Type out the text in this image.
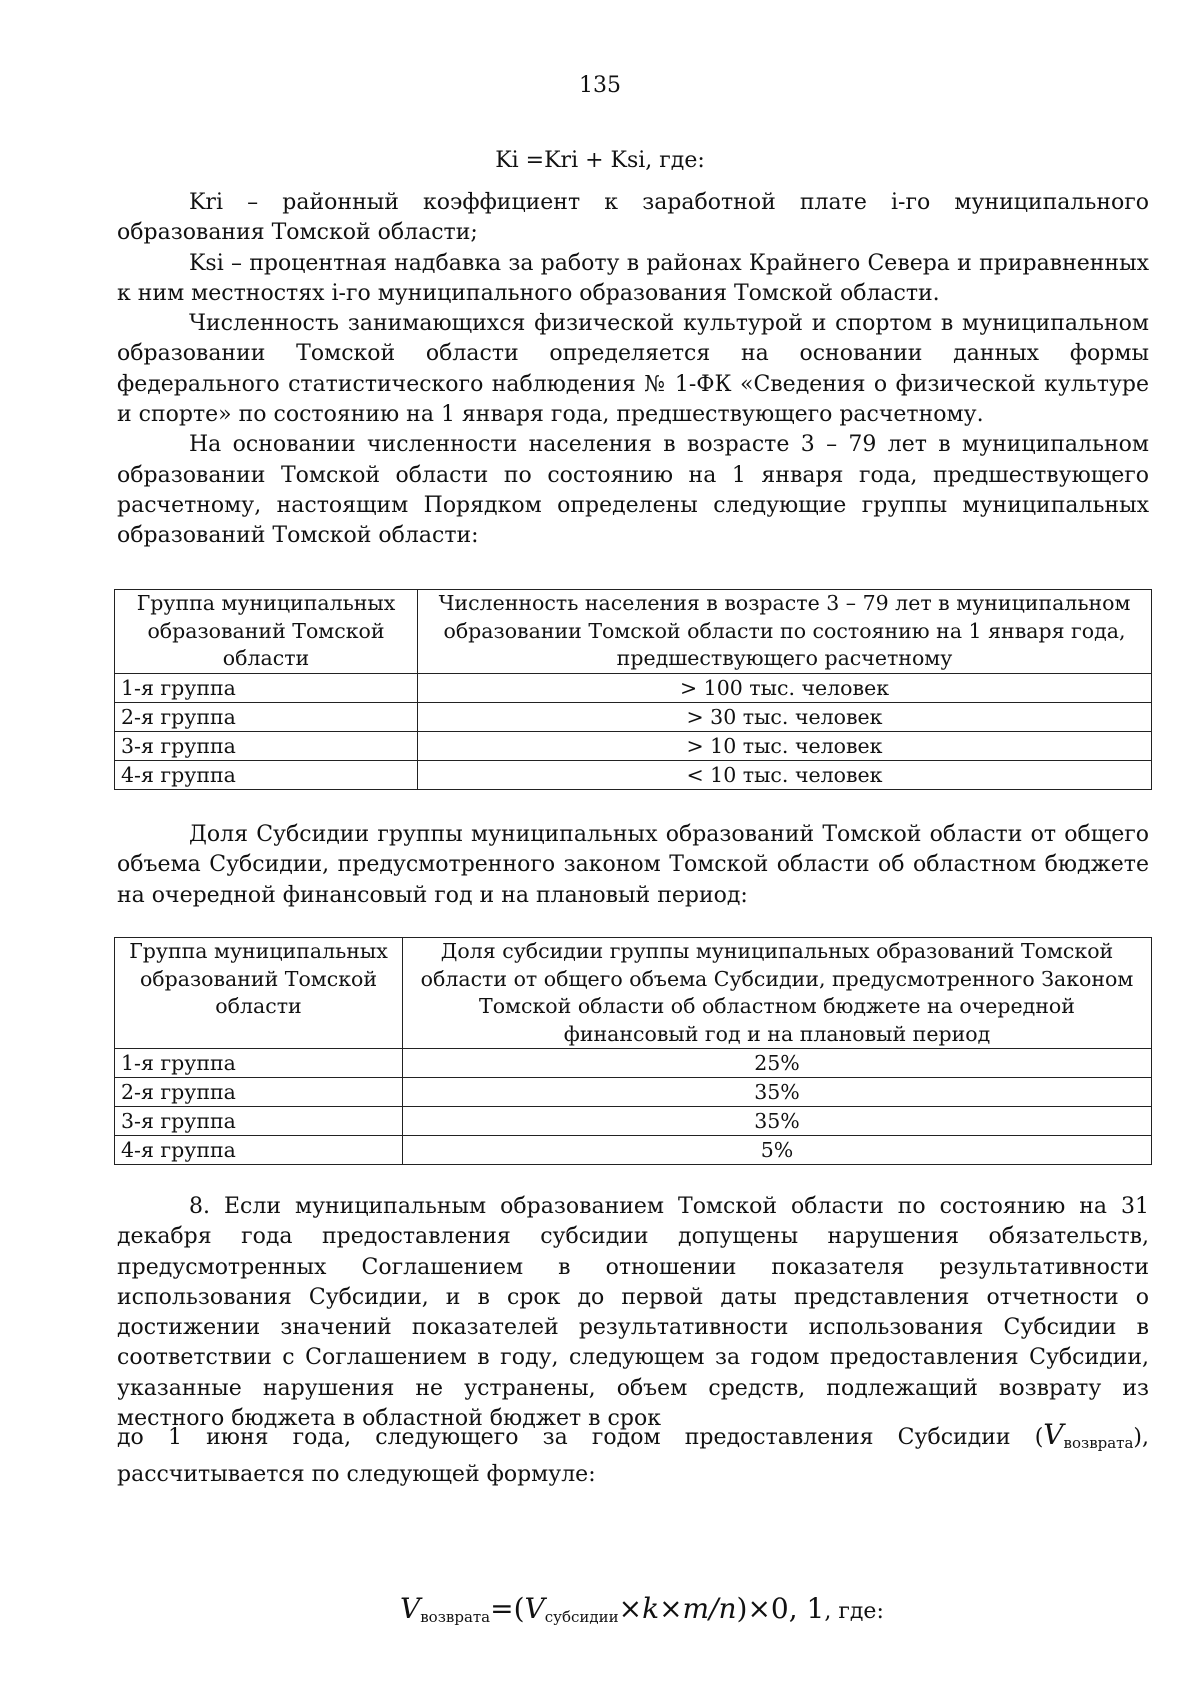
135
Ki =Kri + Ksi, где:
Kri – районный коэффициент к заработной плате i-го муниципального образования Томской области;
Ksi – процентная надбавка за работу в районах Крайнего Севера и приравненных к ним местностях i-го муниципального образования Томской области.
Численность занимающихся физической культурой и спортом в муниципальном образовании Томской области определяется на основании данных формы федерального статистического наблюдения № 1-ФК «Сведения о физической культуре и спорте» по состоянию на 1 января года, предшествующего расчетному.
На основании численности населения в возрасте 3 – 79 лет в муниципальном образовании Томской области по состоянию на 1 января года, предшествующего расчетному, настоящим Порядком определены следующие группы муниципальных образований Томской области:
Группа муниципальных образований Томской области	Численность населения в возрасте 3 – 79 лет в муниципальном образовании Томской области по состоянию на 1 января года, предшествующего расчетному
1-я группа	> 100 тыс. человек
2-я группа	> 30 тыс. человек
3-я группа	> 10 тыс. человек
4-я группа	< 10 тыс. человек
Доля Субсидии группы муниципальных образований Томской области от общего объема Субсидии, предусмотренного законом Томской области об областном бюджете на очередной финансовый год и на плановый период:
Группа муниципальных образований Томской области	Доля субсидии группы муниципальных образований Томской области от общего объема Субсидии, предусмотренного Законом Томской области об областном бюджете на очередной финансовый год и на плановый период
1-я группа	25%
2-я группа	35%
3-я группа	35%
4-я группа	5%
8. Если муниципальным образованием Томской области по состоянию на 31 декабря года предоставления субсидии допущены нарушения обязательств, предусмотренных Соглашением в отношении показателя результативности использования Субсидии, и в срок до первой даты представления отчетности о достижении значений показателей результативности использования Субсидии в соответствии с Соглашением в году, следующем за годом предоставления Субсидии, указанные нарушения не устранены, объем средств, подлежащий возврату из местного бюджета в областной бюджет в срок
до 1 июня года, следующего за годом предоставления Субсидии $(V_{возврата})$,
рассчитывается по следующей формуле:
$V_{возврата}=(V_{субсидии}\times k\times m/n)\times 0$, 1, где:
